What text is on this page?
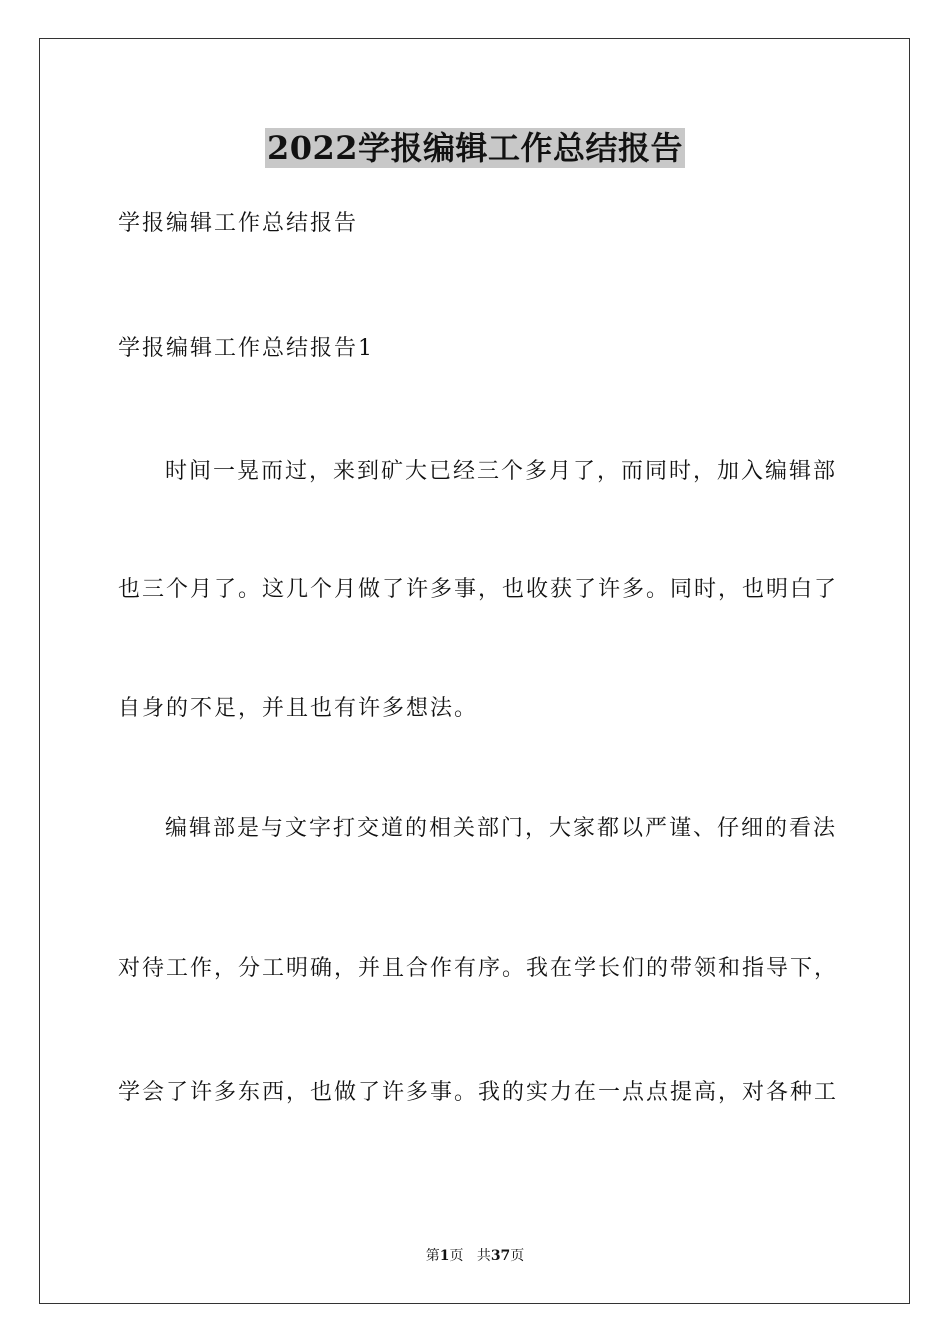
2022学报编辑工作总结报告
学报编辑工作总结报告
学报编辑工作总结报告1
时间一晃而过，来到矿大已经三个多月了，而同时，加入编辑部
也三个月了。这几个月做了许多事，也收获了许多。同时，也明白了
自身的不足，并且也有许多想法。
编辑部是与文字打交道的相关部门，大家都以严谨、仔细的看法
对待工作，分工明确，并且合作有序。我在学长们的带领和指导下，
学会了许多东西，也做了许多事。我的实力在一点点提高，对各种工
第1页 共37页
